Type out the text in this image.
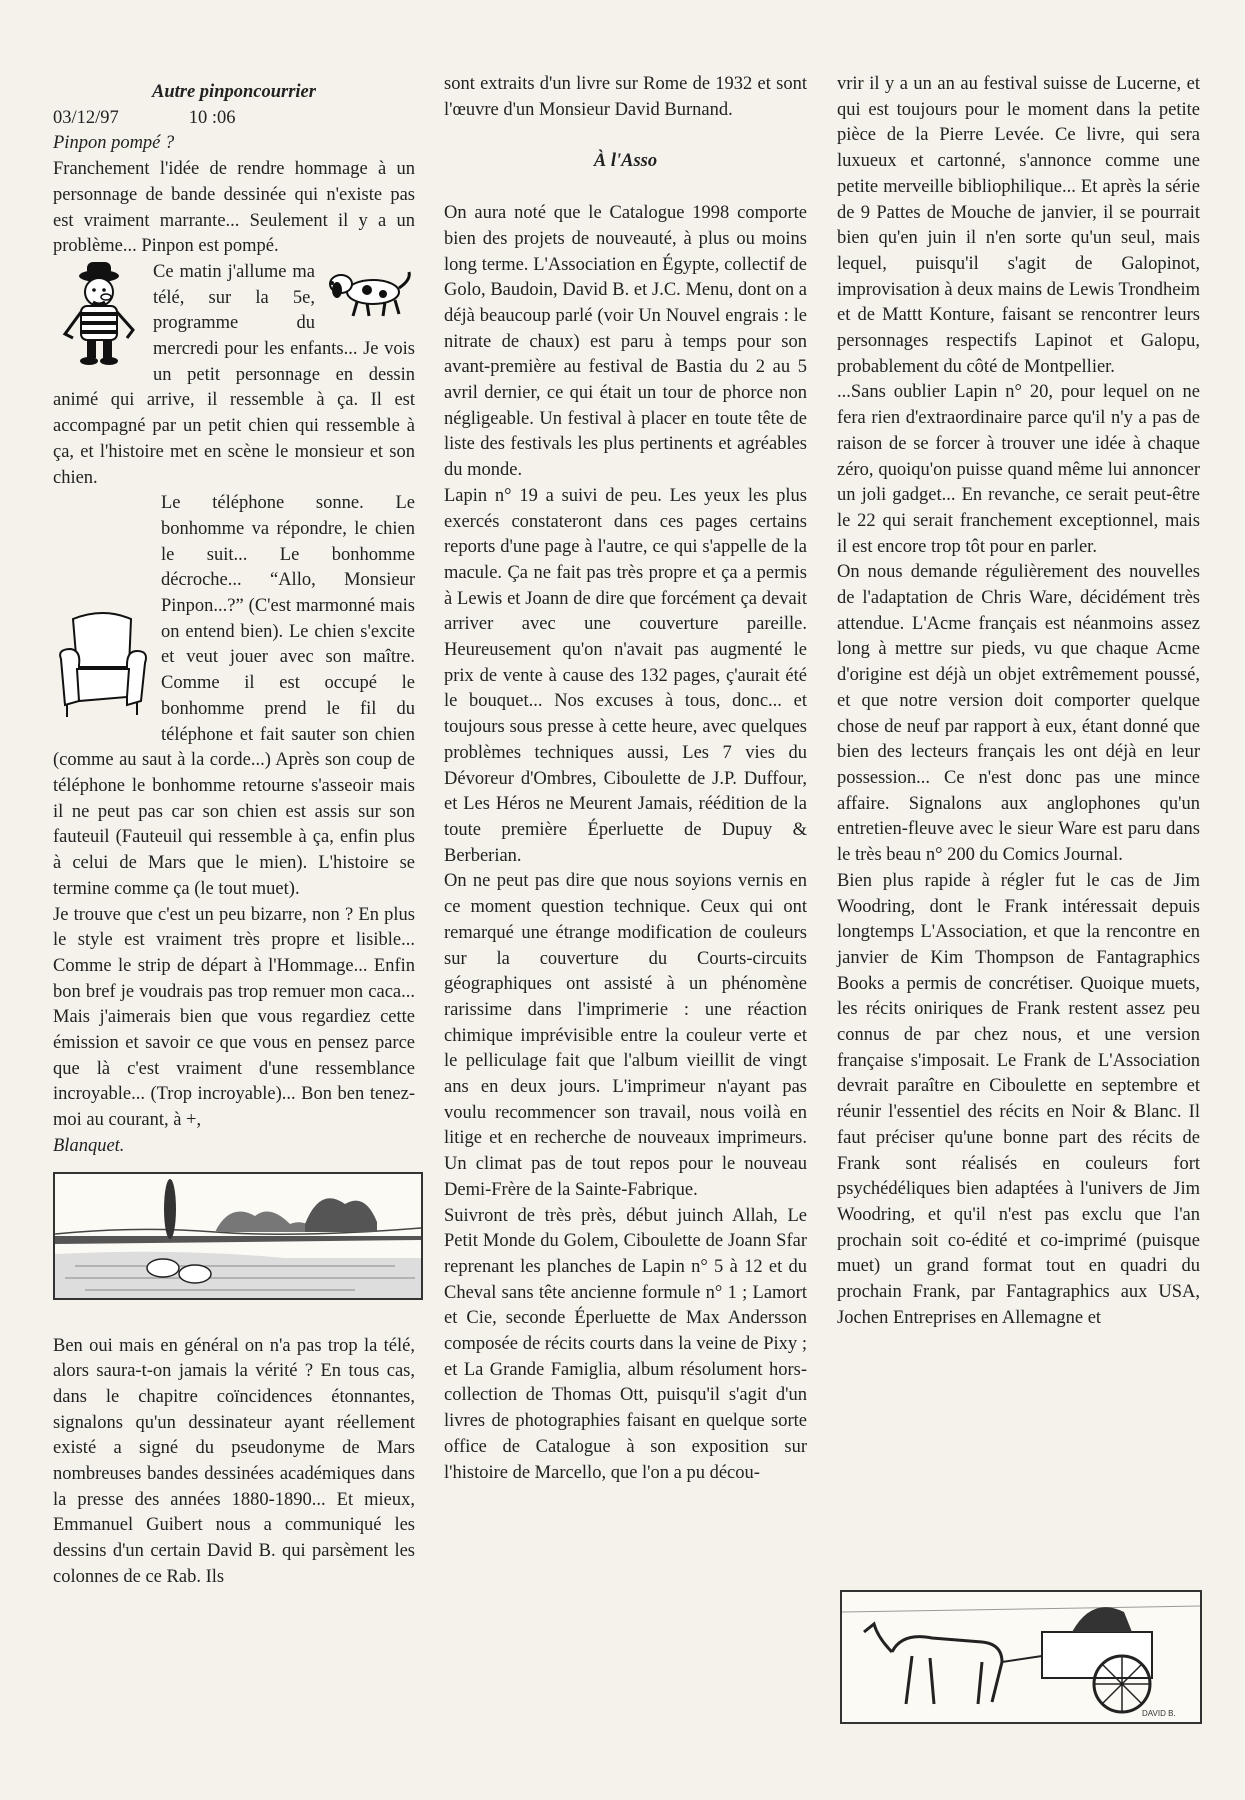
Autre pinponcourrier

03/12/97	10 :06

Pinpon pompé ?

Franchement l'idée de rendre hommage à un personnage de bande dessinée qui n'existe pas est vraiment marrante... Seulement il y a un problème... Pinpon est pompé.

Ce matin j'allume ma télé, sur la 5e, programme du mercredi pour les enfants... Je vois un petit personnage en dessin animé qui arrive, il ressemble à ça. Il est accompagné par un petit chien qui ressemble à ça, et l'histoire met en scène le monsieur et son chien.

Le téléphone sonne. Le bonhomme va répondre, le chien le suit... Le bonhomme décroche... “Allo, Monsieur Pinpon...?” (C'est marmonné mais on entend bien). Le chien s'excite et veut jouer avec son maître. Comme il est occupé le bonhomme prend le fil du téléphone et fait sauter son chien (comme au saut à la corde...) Après son coup de téléphone le bonhomme retourne s'asseoir mais il ne peut pas car son chien est assis sur son fauteuil (Fauteuil qui ressemble à ça, enfin plus à celui de Mars que le mien). L'histoire se termine comme ça (le tout muet).

Je trouve que c'est un peu bizarre, non ? En plus le style est vraiment très propre et lisible... Comme le strip de départ à l'Hommage... Enfin bon bref je voudrais pas trop remuer mon caca... Mais j'aimerais bien que vous regardiez cette émission et savoir ce que vous en pensez parce que là c'est vraiment d'une ressemblance incroyable... (Trop incroyable)... Bon ben tenez-moi au courant, à +,

Blanquet.

Ben oui mais en général on n'a pas trop la télé, alors saura-t-on jamais la vérité ? En tous cas, dans le chapitre coïncidences étonnantes, signalons qu'un dessinateur ayant réellement existé a signé du pseudonyme de Mars nombreuses bandes dessinées académiques dans la presse des années 1880-1890... Et mieux, Emmanuel Guibert nous a communiqué les dessins d'un certain David B. qui parsèment les colonnes de ce Rab. Ils

sont extraits d'un livre sur Rome de 1932 et sont l'œuvre d'un Monsieur David Burnand.

À l'Asso

On aura noté que le Catalogue 1998 comporte bien des projets de nouveauté, à plus ou moins long terme. L'Association en Égypte, collectif de Golo, Baudoin, David B. et J.C. Menu, dont on a déjà beaucoup parlé (voir Un Nouvel engrais : le nitrate de chaux) est paru à temps pour son avant-première au festival de Bastia du 2 au 5 avril dernier, ce qui était un tour de phorce non négligeable. Un festival à placer en toute tête de liste des festivals les plus pertinents et agréables du monde.

Lapin n° 19 a suivi de peu. Les yeux les plus exercés constateront dans ces pages certains reports d'une page à l'autre, ce qui s'appelle de la macule. Ça ne fait pas très propre et ça a permis à Lewis et Joann de dire que forcément ça devait arriver avec une couverture pareille. Heureusement qu'on n'avait pas augmenté le prix de vente à cause des 132 pages, ç'aurait été le bouquet... Nos excuses à tous, donc... et toujours sous presse à cette heure, avec quelques problèmes techniques aussi, Les 7 vies du Dévoreur d'Ombres, Ciboulette de J.P. Duffour, et Les Héros ne Meurent Jamais, réédition de la toute première Éperluette de Dupuy & Berberian.

On ne peut pas dire que nous soyions vernis en ce moment question technique. Ceux qui ont remarqué une étrange modification de couleurs sur la couverture du Courts-circuits géographiques ont assisté à un phénomène rarissime dans l'imprimerie : une réaction chimique imprévisible entre la couleur verte et le pelliculage fait que l'album vieillit de vingt ans en deux jours. L'imprimeur n'ayant pas voulu recommencer son travail, nous voilà en litige et en recherche de nouveaux imprimeurs. Un climat pas de tout repos pour le nouveau Demi-Frère de la Sainte-Fabrique.

Suivront de très près, début juinch Allah, Le Petit Monde du Golem, Ciboulette de Joann Sfar reprenant les planches de Lapin n° 5 à 12 et du Cheval sans tête ancienne formule n° 1 ; Lamort et Cie, seconde Éperluette de Max Andersson composée de récits courts dans la veine de Pixy ; et La Grande Famiglia, album résolument hors-collection de Thomas Ott, puisqu'il s'agit d'un livres de photographies faisant en quelque sorte office de Catalogue à son exposition sur l'histoire de Marcello, que l'on a pu décou-

vrir il y a un an au festival suisse de Lucerne, et qui est toujours pour le moment dans la petite pièce de la Pierre Levée. Ce livre, qui sera luxueux et cartonné, s'annonce comme une petite merveille bibliophilique... Et après la série de 9 Pattes de Mouche de janvier, il se pourrait bien qu'en juin il n'en sorte qu'un seul, mais lequel, puisqu'il s'agit de Galopinot, improvisation à deux mains de Lewis Trondheim et de Mattt Konture, faisant se rencontrer leurs personnages respectifs Lapinot et Galopu, probablement du côté de Montpellier.

...Sans oublier Lapin n° 20, pour lequel on ne fera rien d'extraordinaire parce qu'il n'y a pas de raison de se forcer à trouver une idée à chaque zéro, quoiqu'on puisse quand même lui annoncer un joli gadget... En revanche, ce serait peut-être le 22 qui serait franchement exceptionnel, mais il est encore trop tôt pour en parler.

On nous demande régulièrement des nouvelles de l'adaptation de Chris Ware, décidément très attendue. L'Acme français est néanmoins assez long à mettre sur pieds, vu que chaque Acme d'origine est déjà un objet extrêmement poussé, et que notre version doit comporter quelque chose de neuf par rapport à eux, étant donné que bien des lecteurs français les ont déjà en leur possession... Ce n'est donc pas une mince affaire. Signalons aux anglophones qu'un entretien-fleuve avec le sieur Ware est paru dans le très beau n° 200 du Comics Journal.

Bien plus rapide à régler fut le cas de Jim Woodring, dont le Frank intéressait depuis longtemps L'Association, et que la rencontre en janvier de Kim Thompson de Fantagraphics Books a permis de concrétiser. Quoique muets, les récits oniriques de Frank restent assez peu connus de par chez nous, et une version française s'imposait. Le Frank de L'Association devrait paraître en Ciboulette en septembre et réunir l'essentiel des récits en Noir & Blanc. Il faut préciser qu'une bonne part des récits de Frank sont réalisés en couleurs fort psychédéliques bien adaptées à l'univers de Jim Woodring, et qu'il n'est pas exclu que l'an prochain soit co-édité et co-imprimé (puisque muet) un grand format tout en quadri du prochain Frank, par Fantagraphics aux USA, Jochen Entreprises en Allemagne et

DAVID B.
